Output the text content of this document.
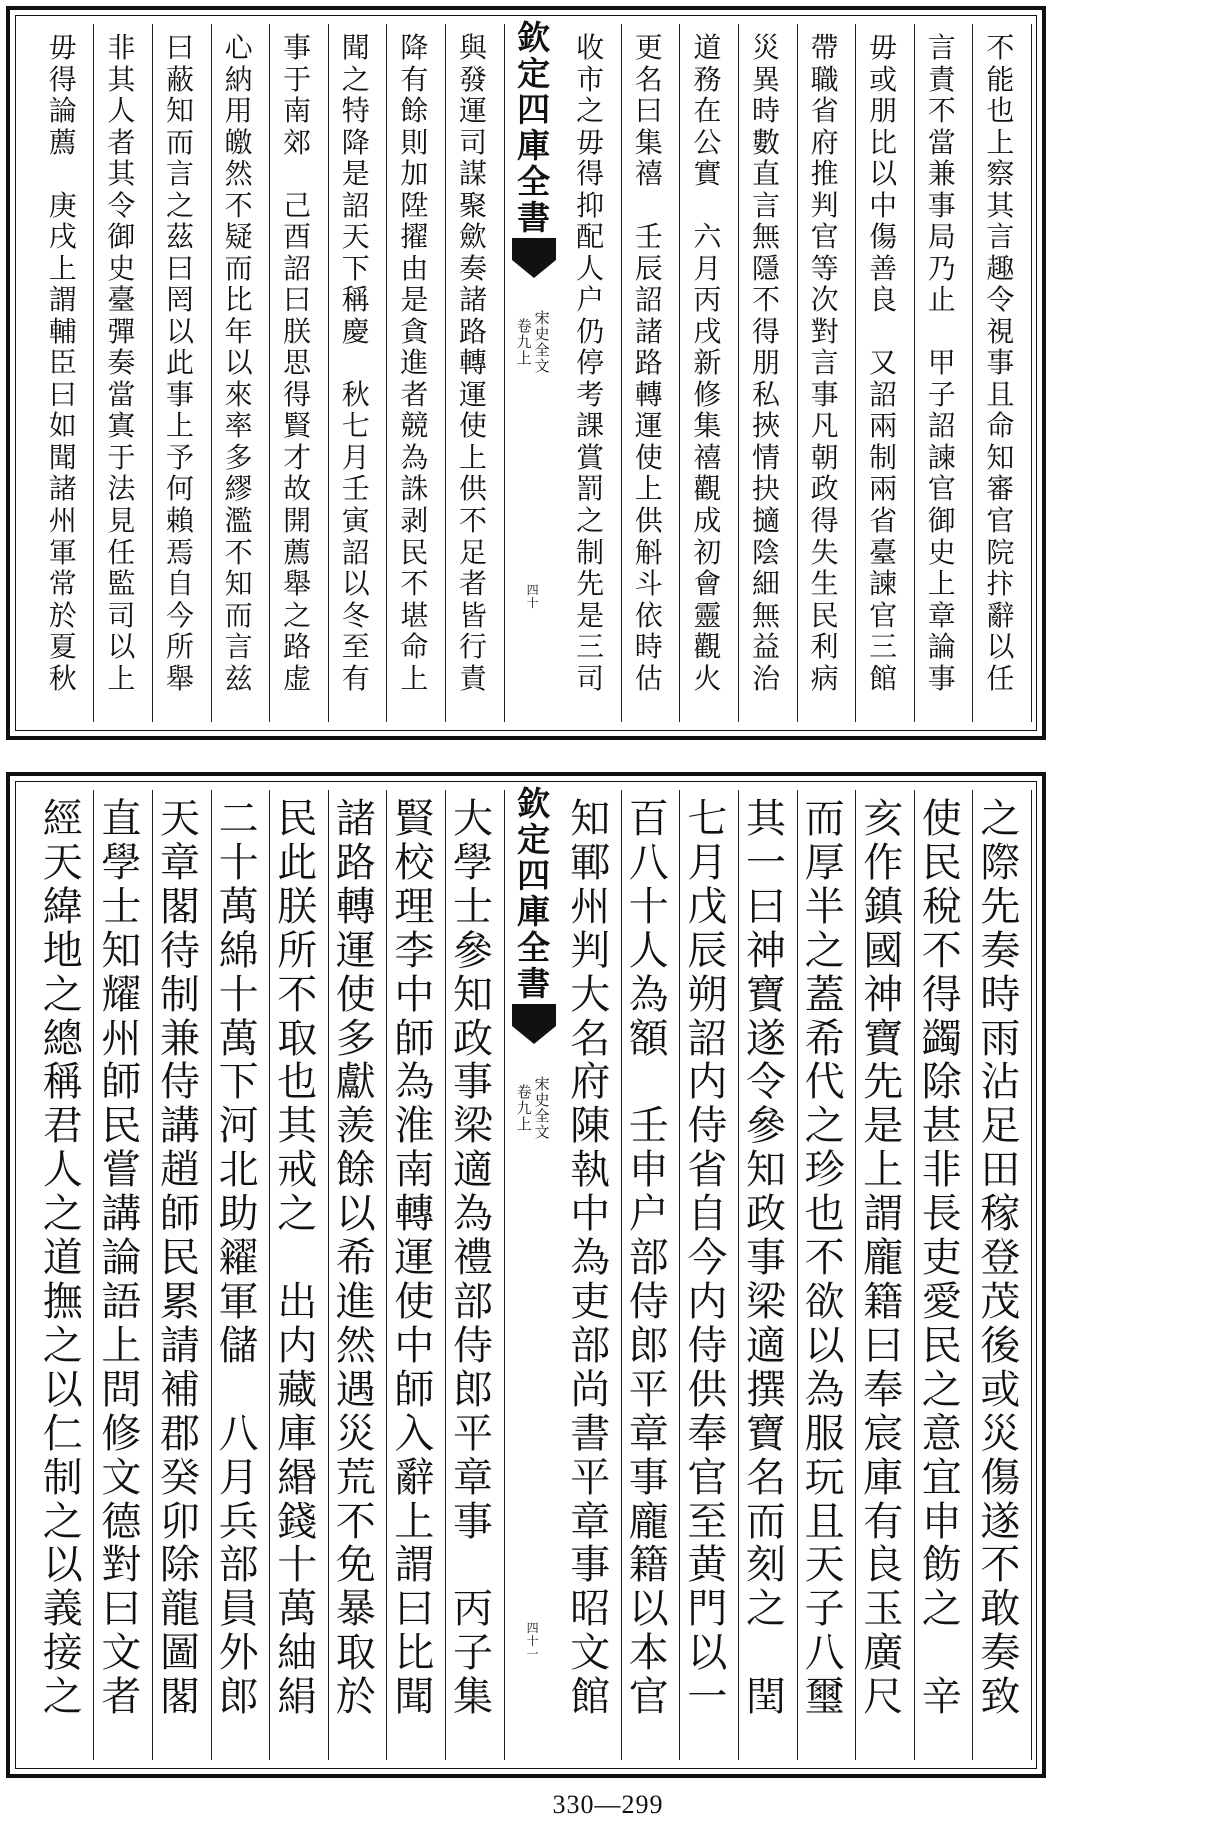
不
能
也
上
察
其
言
趣
令
視
事
且
命
知
審
官
院
抃
辭
以
任
言
責
不
當
兼
事
局
乃
止
甲
子
詔
諫
官
御
史
上
章
論
事
毋
或
朋
比
以
中
傷
善
良
又
詔
兩
制
兩
省
臺
諫
官
三
館
帶
職
省
府
推
判
官
等
次
對
言
事
凡
朝
政
得
失
生
民
利
病
災
異
時
數
直
言
無
隱
不
得
朋
私
挾
情
抉
擿
陰
細
無
益
治
道
務
在
公
實
六
月
丙
戌
新
修
集
禧
觀
成
初
會
靈
觀
火
更
名
曰
集
禧
壬
辰
詔
諸
路
轉
運
使
上
供
斛
斗
依
時
估
收
市
之
毋
得
抑
配
人
户
仍
停
考
課
賞
罰
之
制
先
是
三
司
欽
定
四
庫
全
書
宋
史
全
文
卷
九
上
四
十
與
發
運
司
謀
聚
歛
奏
諸
路
轉
運
使
上
供
不
足
者
皆
行
責
降
有
餘
則
加
陞
擢
由
是
貪
進
者
競
為
誅
剥
民
不
堪
命
上
聞
之
特
降
是
詔
天
下
稱
慶
秋
七
月
壬
寅
詔
以
冬
至
有
事
于
南
郊
己
酉
詔
曰
朕
思
得
賢
才
故
開
薦
舉
之
路
虚
心
納
用
皦
然
不
疑
而
比
年
以
來
率
多
繆
濫
不
知
而
言
兹
曰
蔽
知
而
言
之
茲
曰
罔
以
此
事
上
予
何
賴
焉
自
今
所
舉
非
其
人
者
其
令
御
史
臺
彈
奏
當
寘
于
法
見
任
監
司
以
上
毋
得
論
薦
庚
戌
上
謂
輔
臣
曰
如
聞
諸
州
軍
常
於
夏
秋
之
際
先
奏
時
雨
沾
足
田
稼
登
茂
後
或
災
傷
遂
不
敢
奏
致
使
民
稅
不
得
蠲
除
甚
非
長
吏
愛
民
之
意
宜
申
飭
之
辛
亥
作
鎮
國
神
寶
先
是
上
謂
龐
籍
曰
奉
宸
庫
有
良
玉
廣
尺
而
厚
半
之
蓋
希
代
之
珍
也
不
欲
以
為
服
玩
且
天
子
八
璽
其
一
曰
神
寶
遂
令
參
知
政
事
梁
適
撰
寶
名
而
刻
之
閏
七
月
戊
辰
朔
詔
内
侍
省
自
今
内
侍
供
奉
官
至
黄
門
以
一
百
八
十
人
為
額
壬
申
户
部
侍
郎
平
章
事
龐
籍
以
本
官
知
鄆
州
判
大
名
府
陳
執
中
為
吏
部
尚
書
平
章
事
昭
文
館
欽
定
四
庫
全
書
宋
史
全
文
卷
九
上
四
十
一
大
學
士
參
知
政
事
梁
適
為
禮
部
侍
郎
平
章
事
丙
子
集
賢
校
理
李
中
師
為
淮
南
轉
運
使
中
師
入
辭
上
謂
曰
比
聞
諸
路
轉
運
使
多
獻
羨
餘
以
希
進
然
遇
災
荒
不
免
暴
取
於
民
此
朕
所
不
取
也
其
戒
之
出
内
藏
庫
緡
錢
十
萬
紬
絹
二
十
萬
綿
十
萬
下
河
北
助
糴
軍
儲
八
月
兵
部
員
外
郎
天
章
閣
待
制
兼
侍
講
趙
師
民
累
請
補
郡
癸
卯
除
龍
圖
閣
直
學
士
知
耀
州
師
民
嘗
講
論
語
上
問
修
文
德
對
曰
文
者
經
天
緯
地
之
總
稱
君
人
之
道
撫
之
以
仁
制
之
以
義
接
之
330—299
